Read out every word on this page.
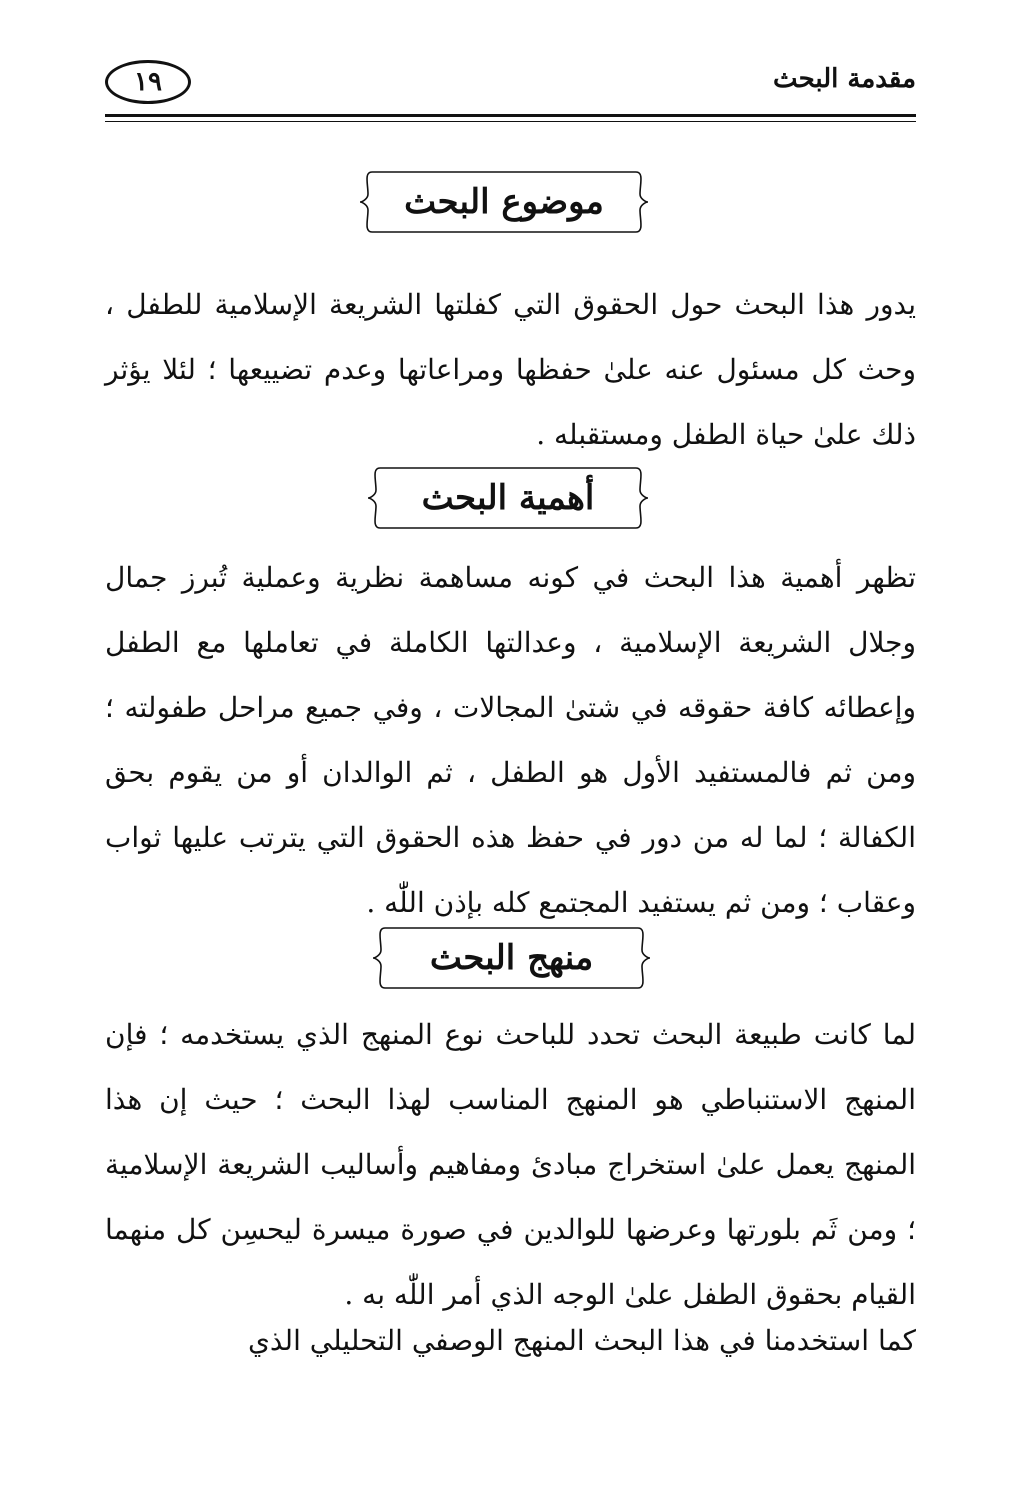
مقدمة البحث
١٩
موضوع البحث

يدور هذا البحث حول الحقوق التي كفلتها الشريعة الإسلامية للطفل ، وحث كل مسئول عنه علىٰ حفظها ومراعاتها وعدم تضييعها ؛ لئلا يؤثر ذلك علىٰ حياة الطفل ومستقبله .

أهمية البحث

تظهر أهمية هذا البحث في كونه مساهمة نظرية وعملية تُبرز جمال وجلال الشريعة الإسلامية ، وعدالتها الكاملة في تعاملها مع الطفل وإعطائه كافة حقوقه في شتىٰ المجالات ، وفي جميع مراحل طفولته ؛ ومن ثم فالمستفيد الأول هو الطفل ، ثم الوالدان أو من يقوم بحق الكفالة ؛ لما له من دور في حفظ هذه الحقوق التي يترتب عليها ثواب وعقاب ؛ ومن ثم يستفيد المجتمع كله بإذن اللّٰه .

منهج البحث

لما كانت طبيعة البحث تحدد للباحث نوع المنهج الذي يستخدمه ؛ فإن المنهج الاستنباطي هو المنهج المناسب لهذا البحث ؛ حيث إن هذا المنهج يعمل علىٰ استخراج مبادئ ومفاهيم وأساليب الشريعة الإسلامية ؛ ومن ثَم بلورتها وعرضها للوالدين في صورة ميسرة ليحسِن كل منهما القيام بحقوق الطفل علىٰ الوجه الذي أمر اللّٰه به .

كما استخدمنا في هذا البحث المنهج الوصفي التحليلي الذي
